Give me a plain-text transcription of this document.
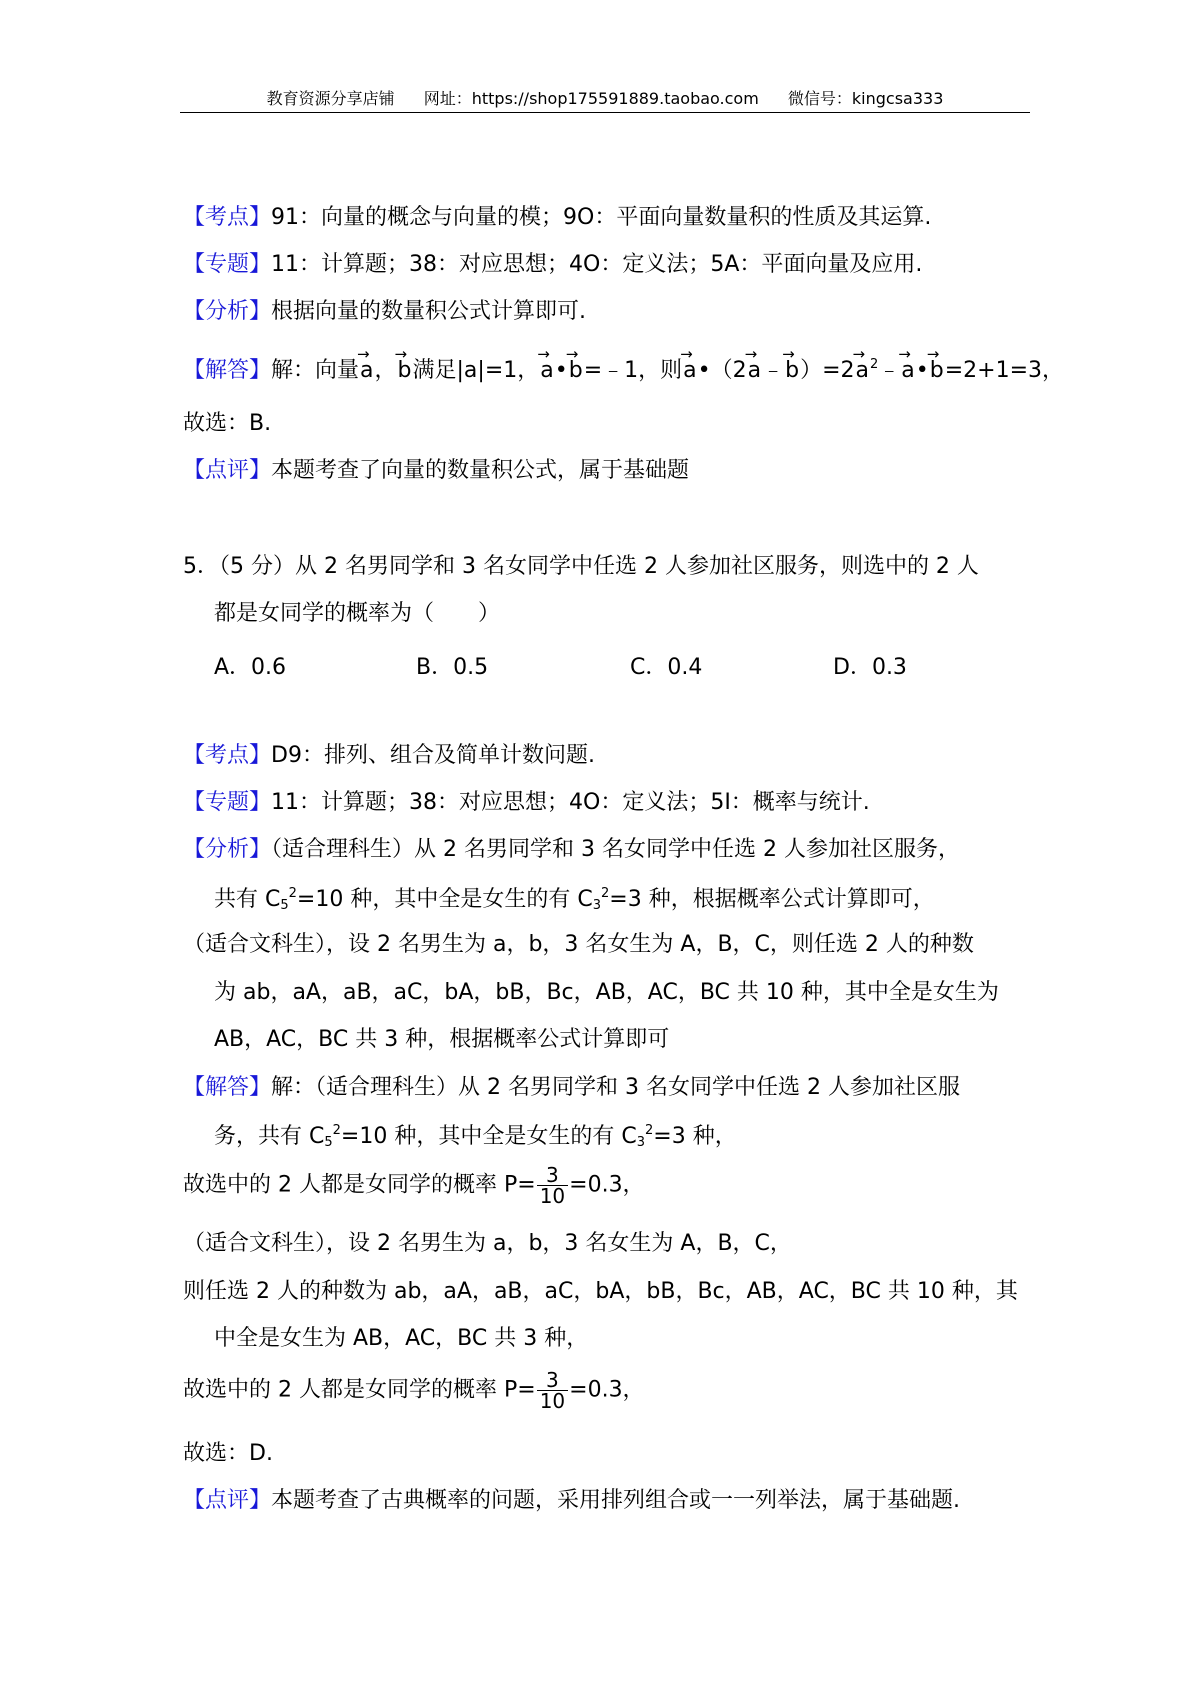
教育资源分享店铺 网址：https://shop175591889.taobao.com 微信号：kingcsa333
【考点】91：向量的概念与向量的模；9O：平面向量数量积的性质及其运算.
【专题】11：计算题；38：对应思想；4O：定义法；5A：平面向量及应用.
【分析】根据向量的数量积公式计算即可.
【解答】解：向量→ a，→ b满足|a|=1，→ a•→ b=﹣1，则→ a•（2→ a﹣→ $b)=2\to a^2﹣\to$ a•→ b=2+1=3，
故选：B.
【点评】本题考查了向量的数量积公式，属于基础题
5．（5 分）从 2 名男同学和 3 名女同学中任选 2 人参加社区服务，则选中的 2 人
都是女同学的概率为（　　）
A．0.6	B．0.5	C．0.4	D．0.3
【考点】D9：排列、组合及简单计数问题.
【专题】11：计算题；38：对应思想；4O：定义法；5I：概率与统计.
【分析】（适合理科生）从 2 名男同学和 3 名女同学中任选 2 人参加社区服务，
共有 $C_5^2=10$ 种，其中全是女生的有 $C_3^2=3$ 种，根据概率公式计算即可，
（适合文科生），设 2 名男生为 a，b，3 名女生为 A，B，C，则任选 2 人的种数
为 ab，aA，aB，aC，bA，bB，Bc，AB，AC，BC 共 10 种，其中全是女生为
AB，AC，BC 共 3 种，根据概率公式计算即可
【解答】解：（适合理科生）从 2 名男同学和 3 名女同学中任选 2 人参加社区服
务，共有 $C_5^2=10$ 种，其中全是女生的有 $C_3^2=3$ 种，
故选中的 2 人都是女同学的概率 $P= \frac{3}{10} =0.3$，
（适合文科生），设 2 名男生为 a，b，3 名女生为 A，B，C，
则任选 2 人的种数为 ab，aA，aB，aC，bA，bB，Bc，AB，AC，BC 共 10 种，其
中全是女生为 AB，AC，BC 共 3 种，
故选中的 2 人都是女同学的概率 $P= \frac{3}{10} =0.3$，
故选：D.
【点评】本题考查了古典概率的问题，采用排列组合或一一列举法，属于基础题.
